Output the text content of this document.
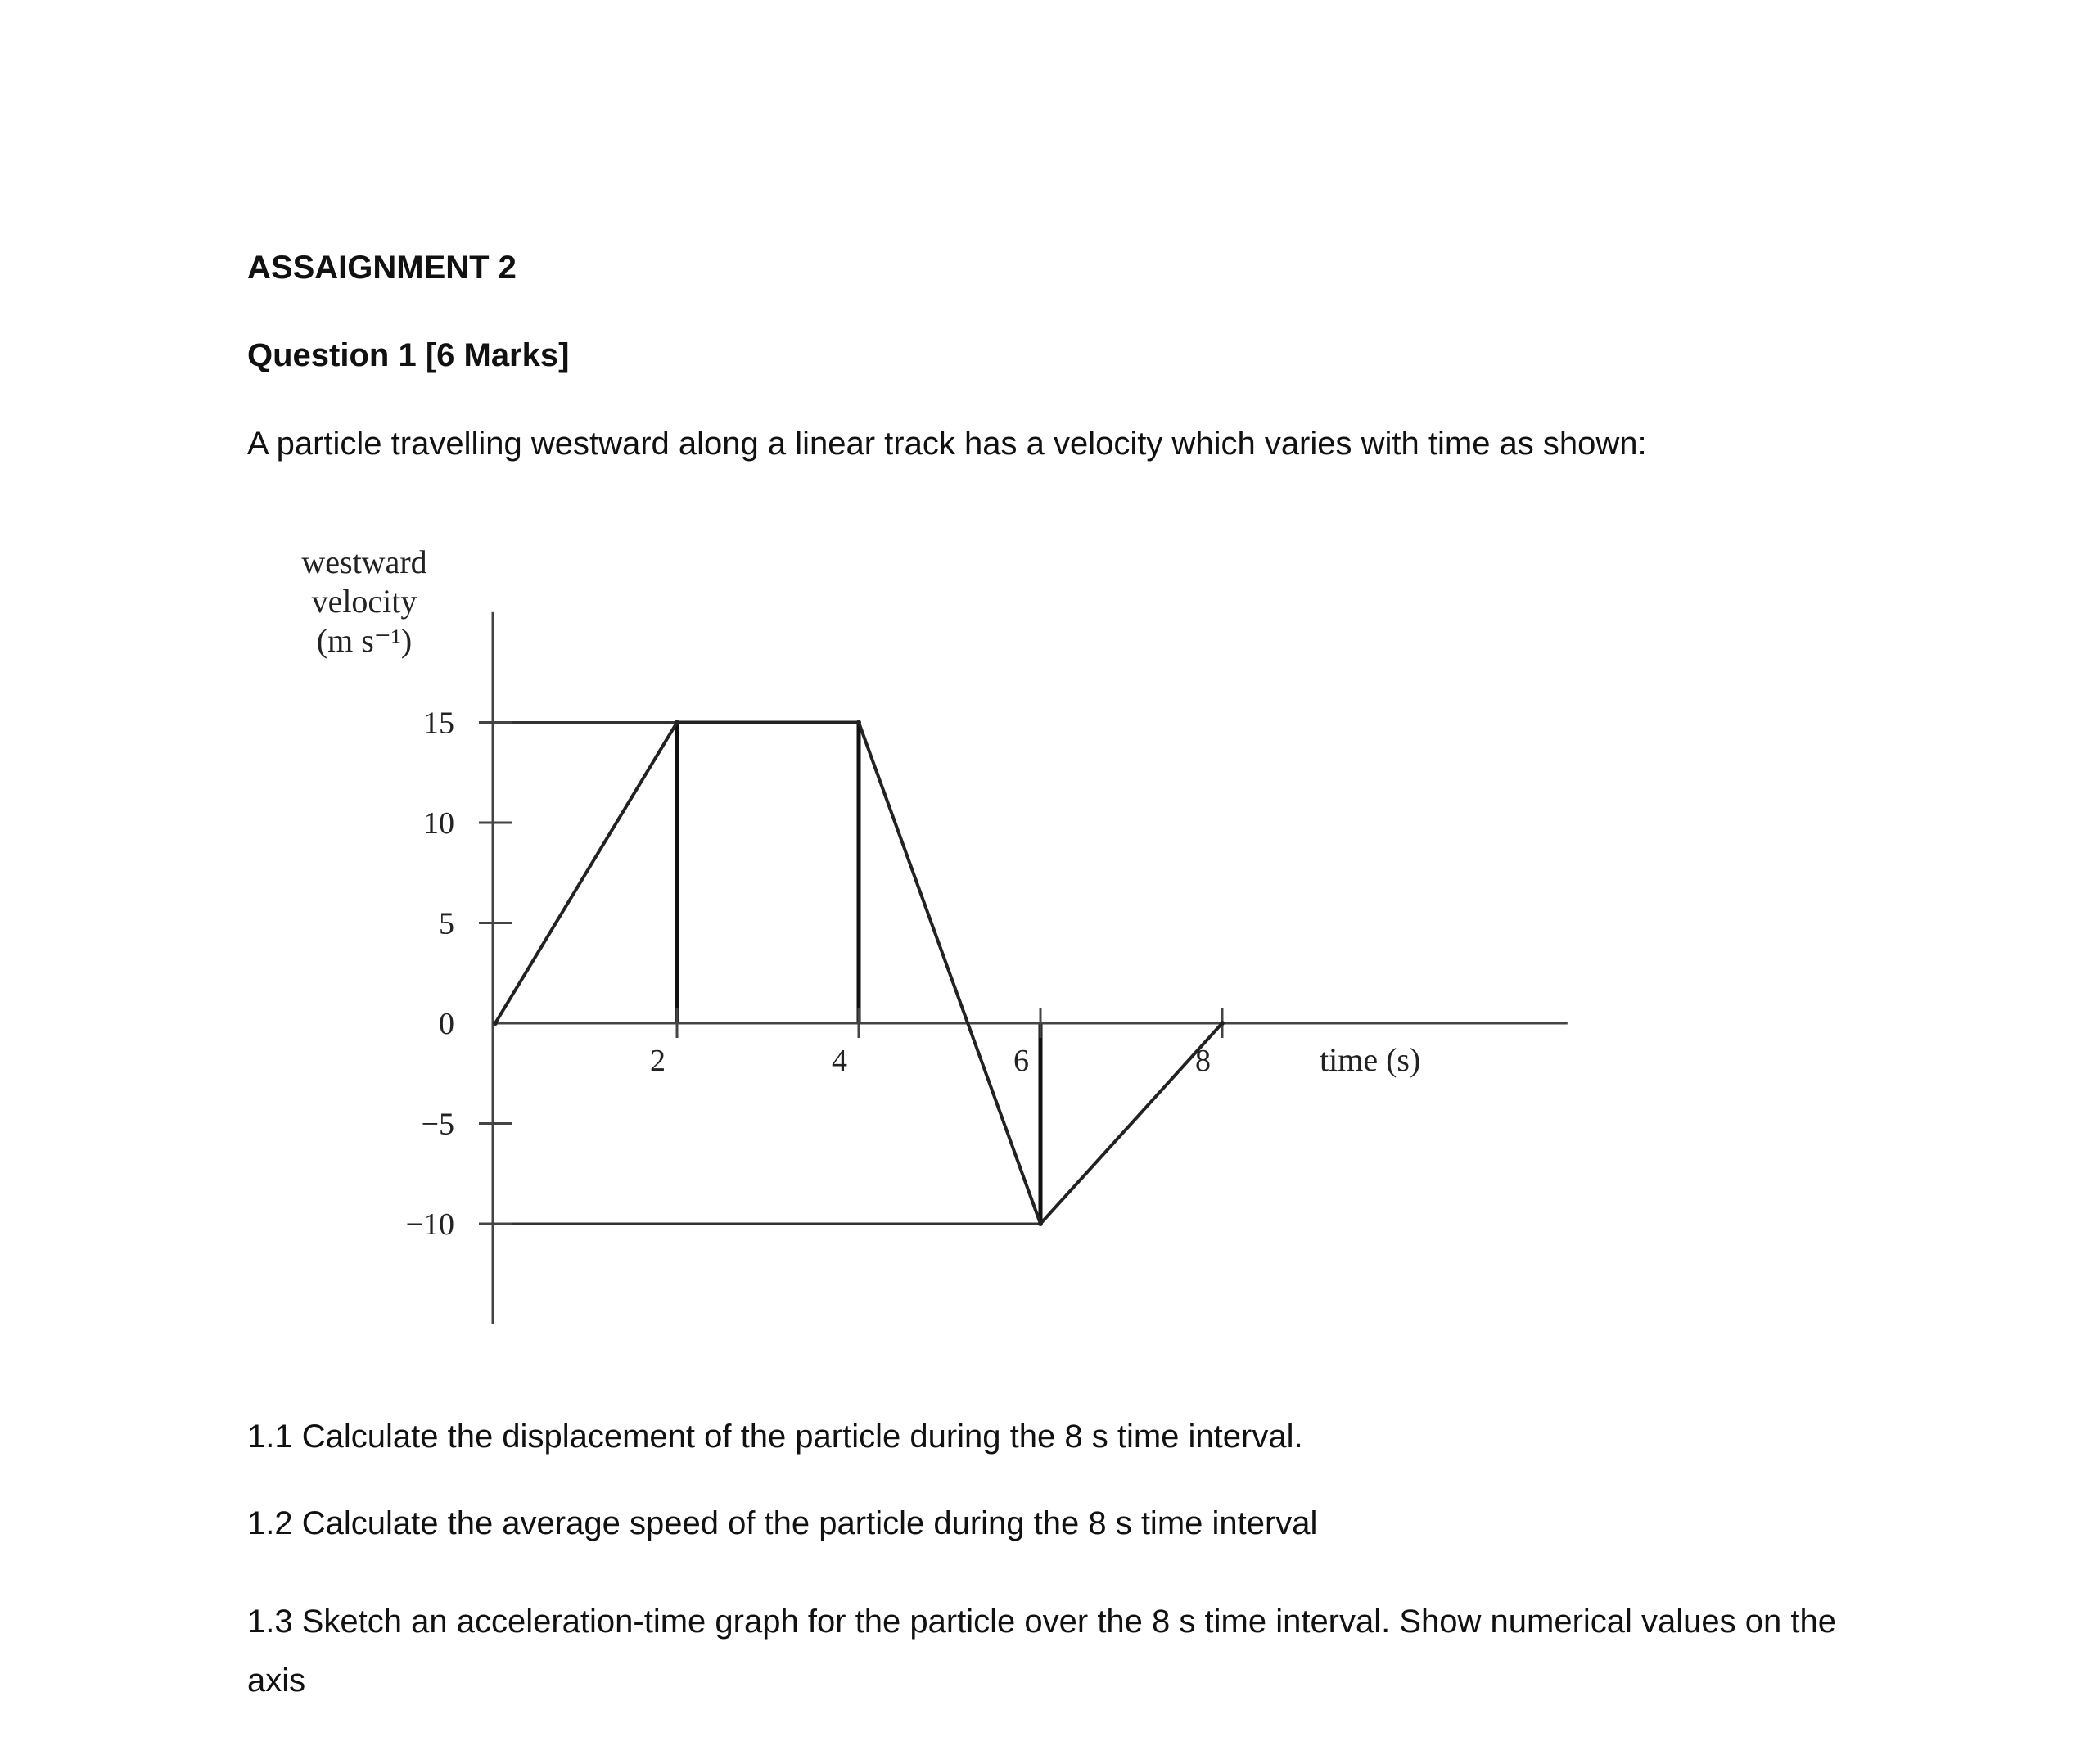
ASSAIGNMENT 2

Question 1 [6 Marks]

A particle travelling westward along a linear track has a velocity which varies with time as shown:

westward
velocity
(m s⁻¹)
15
10
5
0
−5
−10
2	4	6	8	time (s)

1.1 Calculate the displacement of the particle during the 8 s time interval.

1.2 Calculate the average speed of the particle during the 8 s time interval

1.3 Sketch an acceleration-time graph for the particle over the 8 s time interval. Show numerical values on the axis
